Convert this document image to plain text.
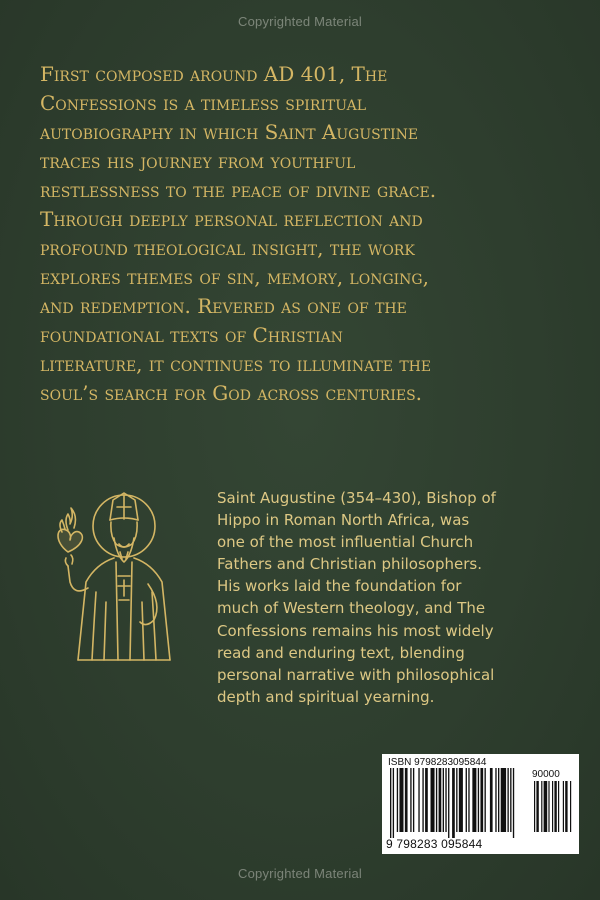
Copyrighted Material

First composed around AD 401, The
Confessions is a timeless spiritual
autobiography in which Saint Augustine
traces his journey from youthful
restlessness to the peace of divine grace.
Through deeply personal reflection and
profound theological insight, the work
explores themes of sin, memory, longing,
and redemption. Revered as one of the
foundational texts of Christian
literature, it continues to illuminate the
soul’s search for God across centuries.

Saint Augustine (354–430), Bishop of
Hippo in Roman North Africa, was
one of the most influential Church
Fathers and Christian philosophers.
His works laid the foundation for
much of Western theology, and The
Confessions remains his most widely
read and enduring text, blending
personal narrative with philosophical
depth and spiritual yearning.

ISBN 9798283095844
90000
9 798283 095844
Copyrighted Material
